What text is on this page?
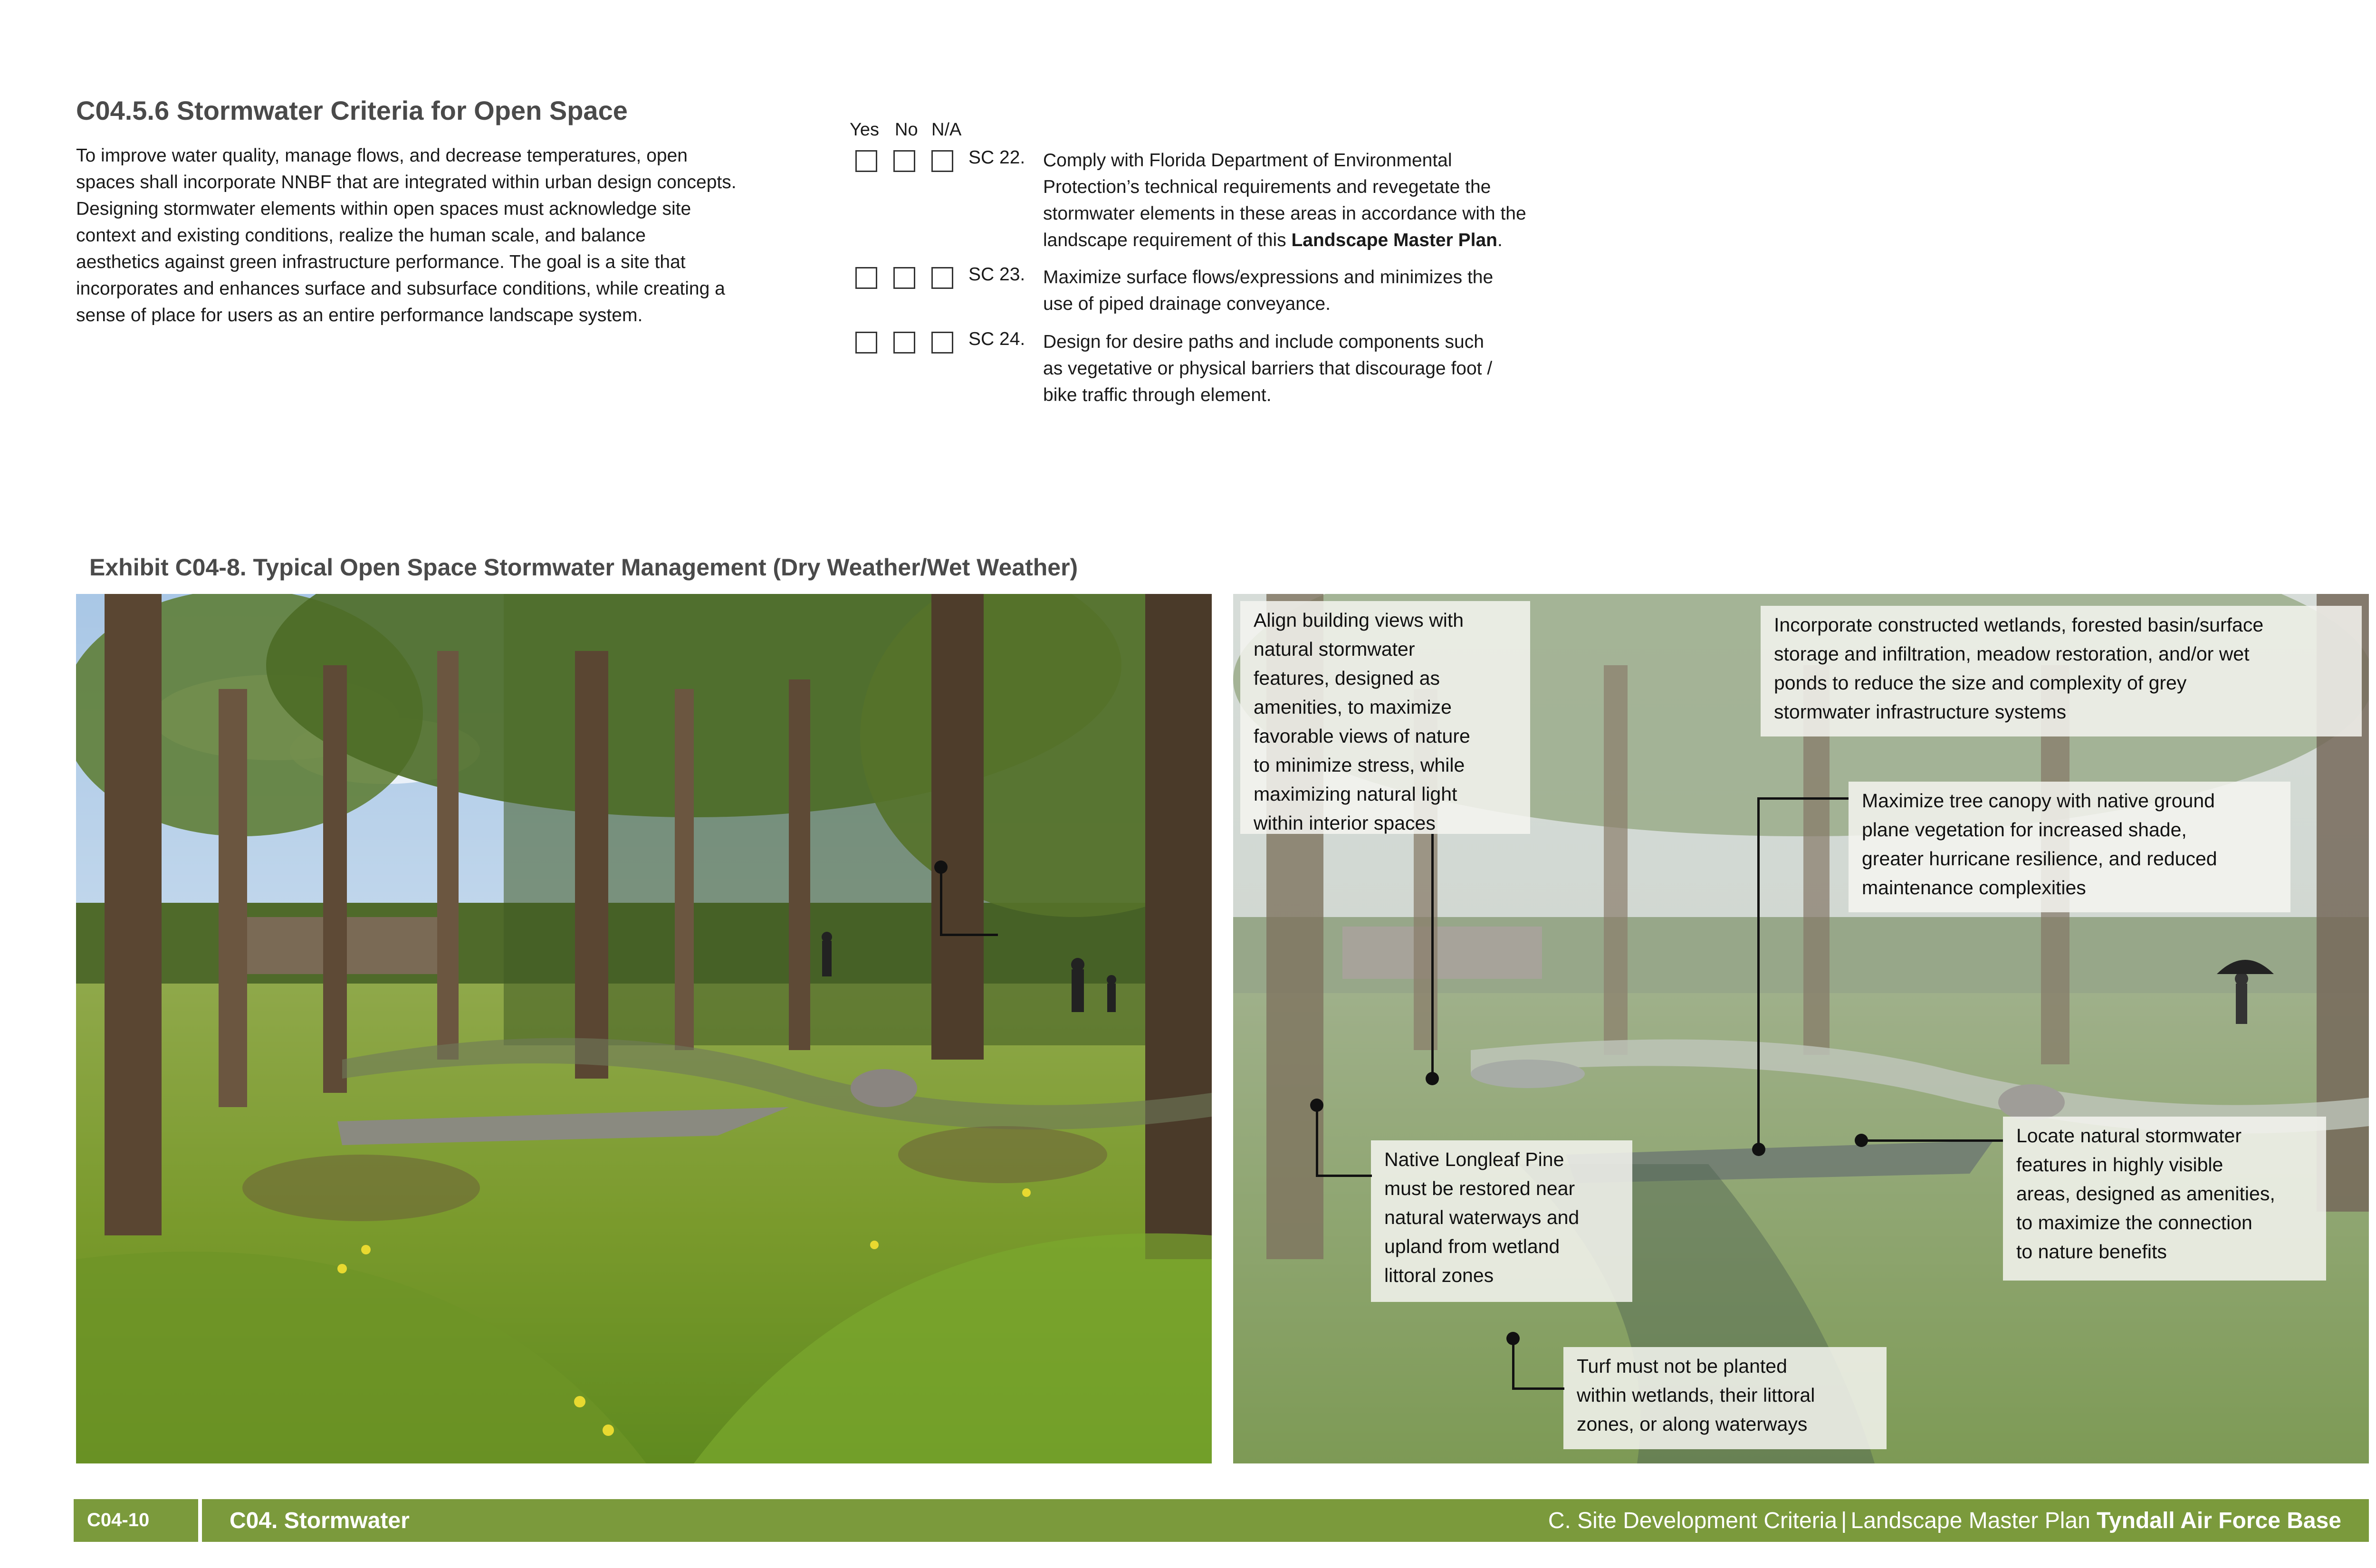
C04.5.6 Stormwater Criteria for Open Space

To improve water quality, manage flows, and decrease temperatures, open

spaces shall incorporate NNBF that are integrated within urban design concepts.

Designing stormwater elements within open spaces must acknowledge site

context and existing conditions, realize the human scale, and balance

aesthetics against green infrastructure performance. The goal is a site that

incorporates and enhances surface and subsurface conditions, while creating a

sense of place for users as an entire performance landscape system.

Yes No N/A
SC 22. Comply with Florida Department of Environmental
Protection’s technical requirements and revegetate the
stormwater elements in these areas in accordance with the
landscape requirement of this Landscape Master Plan.
SC 23. Maximize surface flows/expressions and minimizes the
use of piped drainage conveyance.
SC 24. Design for desire paths and include components such
as vegetative or physical barriers that discourage foot /
bike traffic through element.
Exhibit C04-8. Typical Open Space Stormwater Management (Dry Weather/Wet Weather)
Align building views with
natural stormwater
features, designed as
amenities, to maximize
favorable views of nature
to minimize stress, while
maximizing natural light
within interior spaces
Incorporate constructed wetlands, forested basin/surface
storage and infiltration, meadow restoration, and/or wet
ponds to reduce the size and complexity of grey
stormwater infrastructure systems
Maximize tree canopy with native ground
plane vegetation for increased shade,
greater hurricane resilience, and reduced
maintenance complexities
Native Longleaf Pine
must be restored near
natural waterways and
upland from wetland
littoral zones
Locate natural stormwater
features in highly visible
areas, designed as amenities,
to maximize the connection
to nature benefits
Turf must not be planted
within wetlands, their littoral
zones, or along waterways
C04-10	C04. Stormwater	C. Site Development Criteria | Landscape Master Plan Tyndall Air Force Base
